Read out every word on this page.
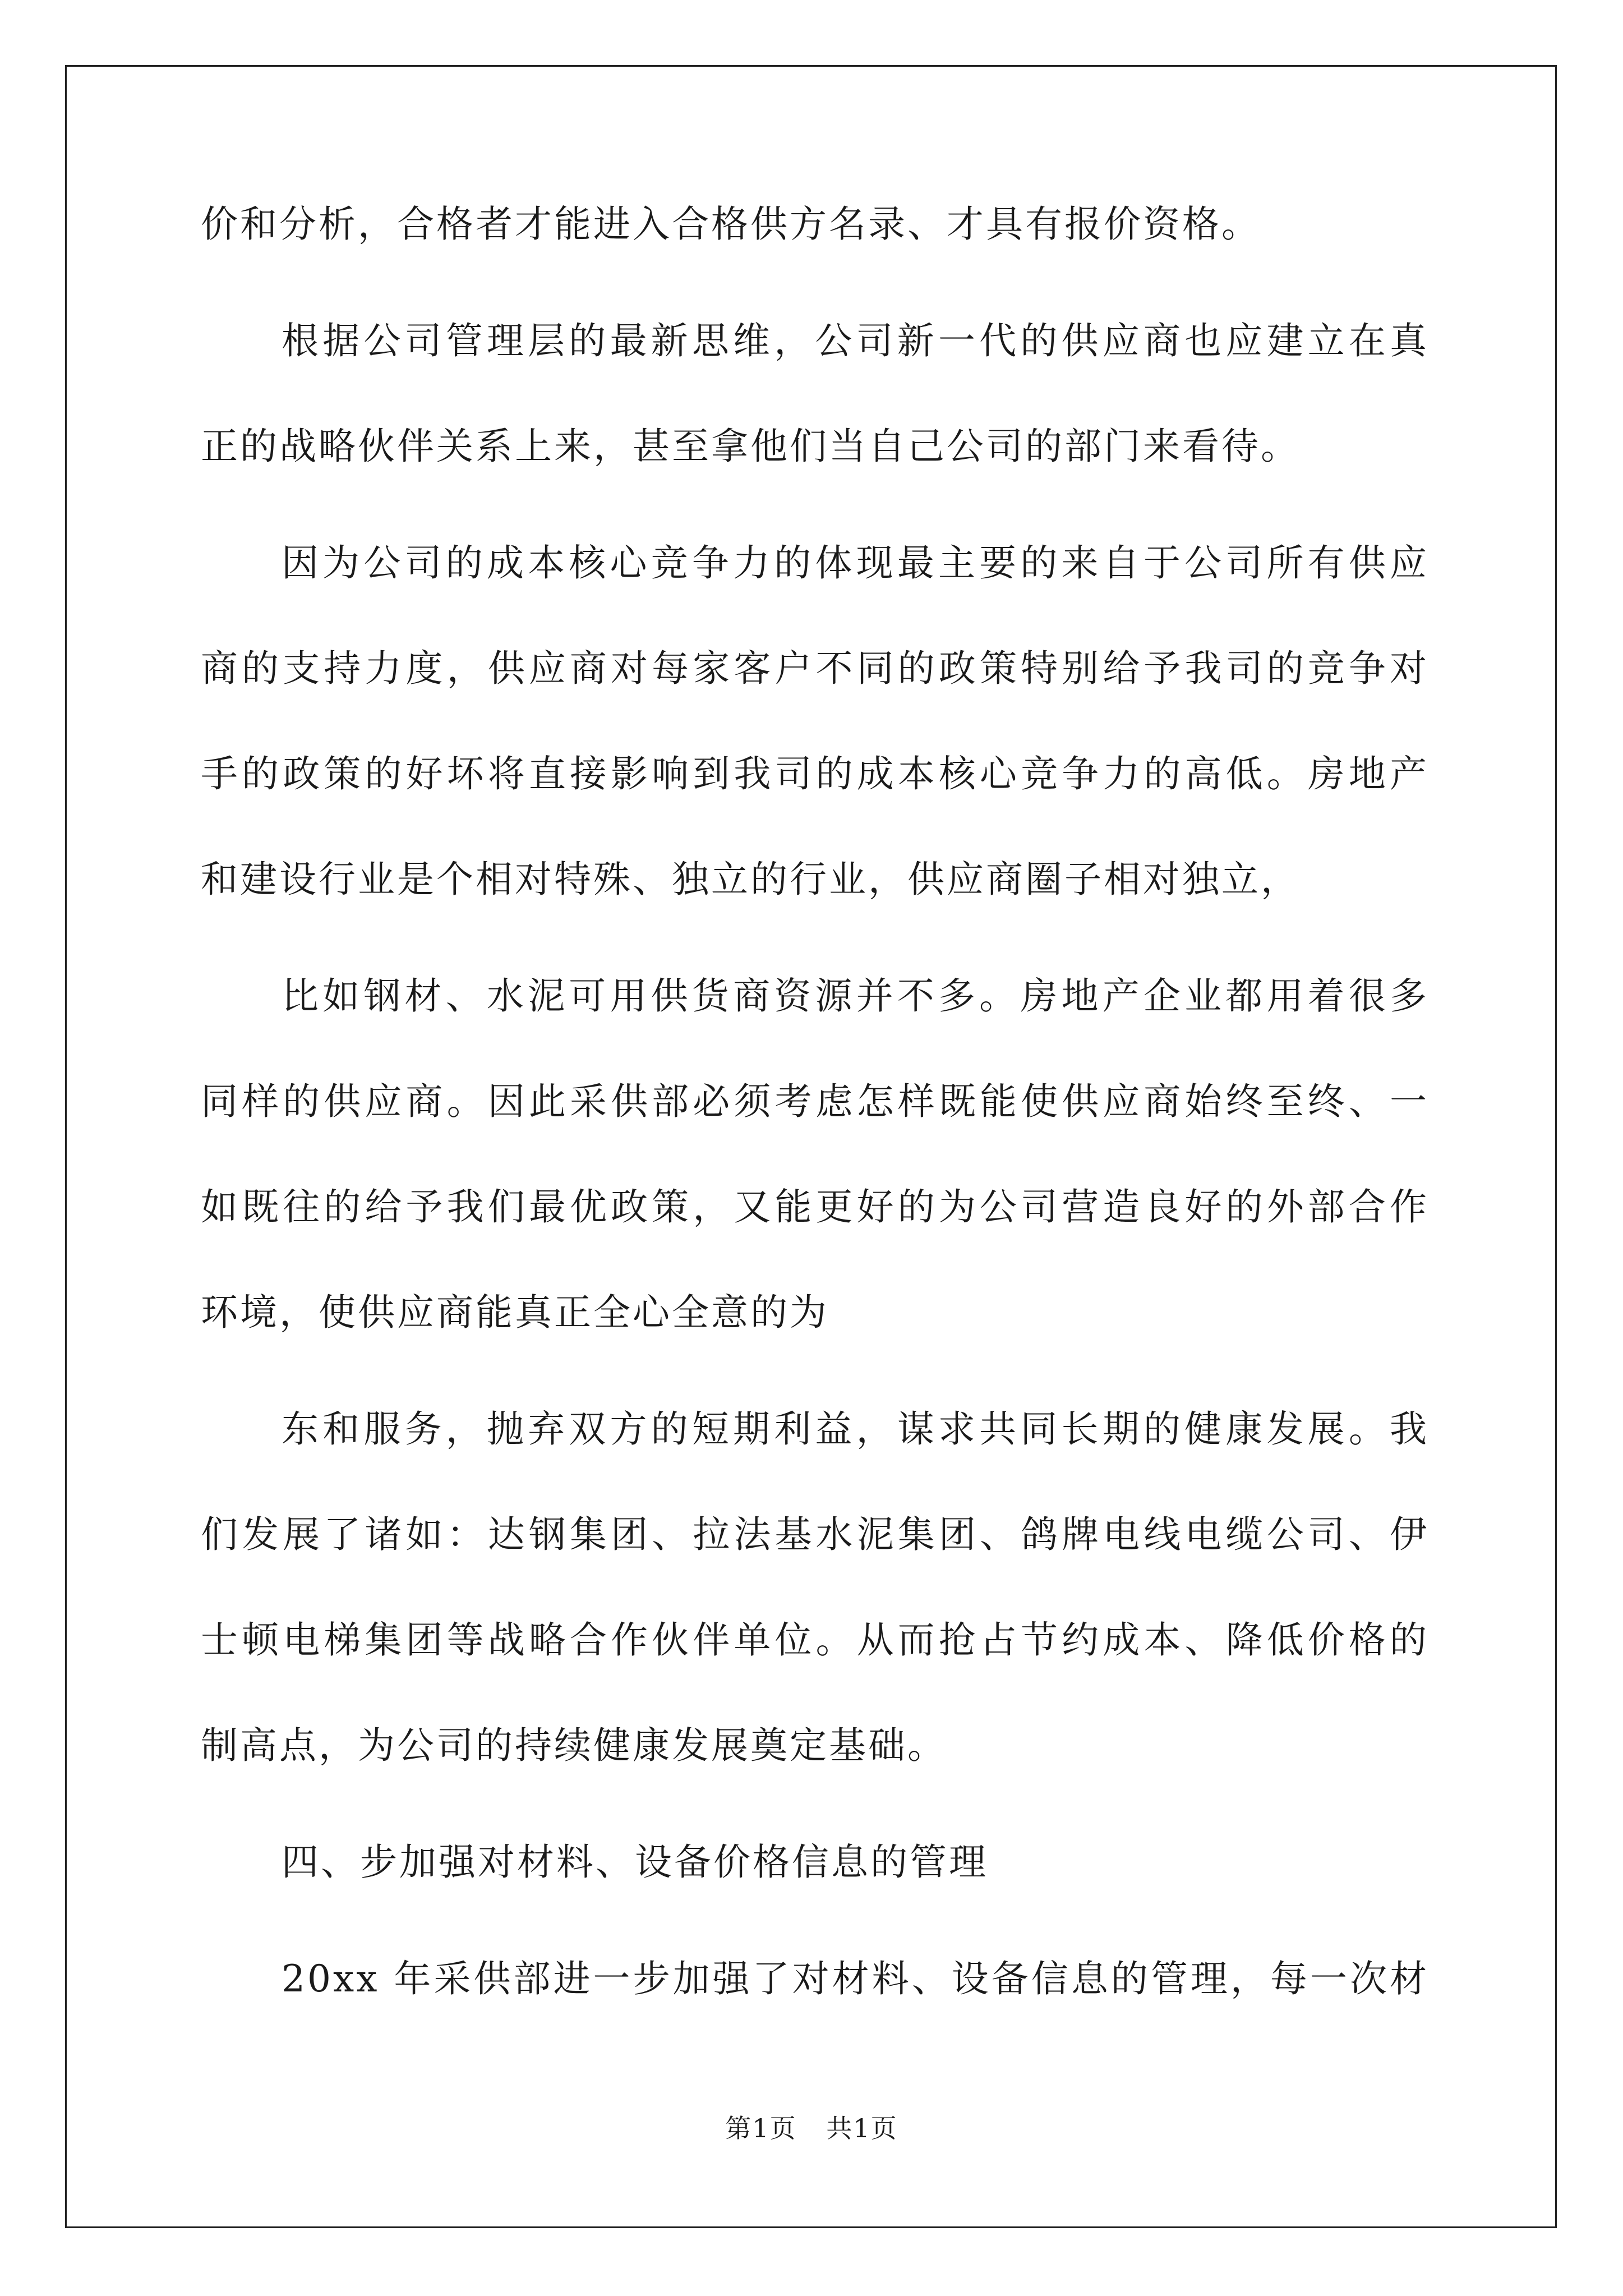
价和分析，合格者才能进入合格供方名录、才具有报价资格。
根据公司管理层的最新思维，公司新一代的供应商也应建立在真
正的战略伙伴关系上来，甚至拿他们当自己公司的部门来看待。
因为公司的成本核心竞争力的体现最主要的来自于公司所有供应
商的支持力度，供应商对每家客户不同的政策特别给予我司的竞争对
手的政策的好坏将直接影响到我司的成本核心竞争力的高低。房地产
和建设行业是个相对特殊、独立的行业，供应商圈子相对独立，
比如钢材、水泥可用供货商资源并不多。房地产企业都用着很多
同样的供应商。因此采供部必须考虑怎样既能使供应商始终至终、一
如既往的给予我们最优政策，又能更好的为公司营造良好的外部合作
环境，使供应商能真正全心全意的为
东和服务，抛弃双方的短期利益，谋求共同长期的健康发展。我
们发展了诸如：达钢集团、拉法基水泥集团、鸽牌电线电缆公司、伊
士顿电梯集团等战略合作伙伴单位。从而抢占节约成本、降低价格的
制高点，为公司的持续健康发展奠定基础。
四、步加强对材料、设备价格信息的管理
20xx 年采供部进一步加强了对材料、设备信息的管理，每一次材
第1页 共1页
